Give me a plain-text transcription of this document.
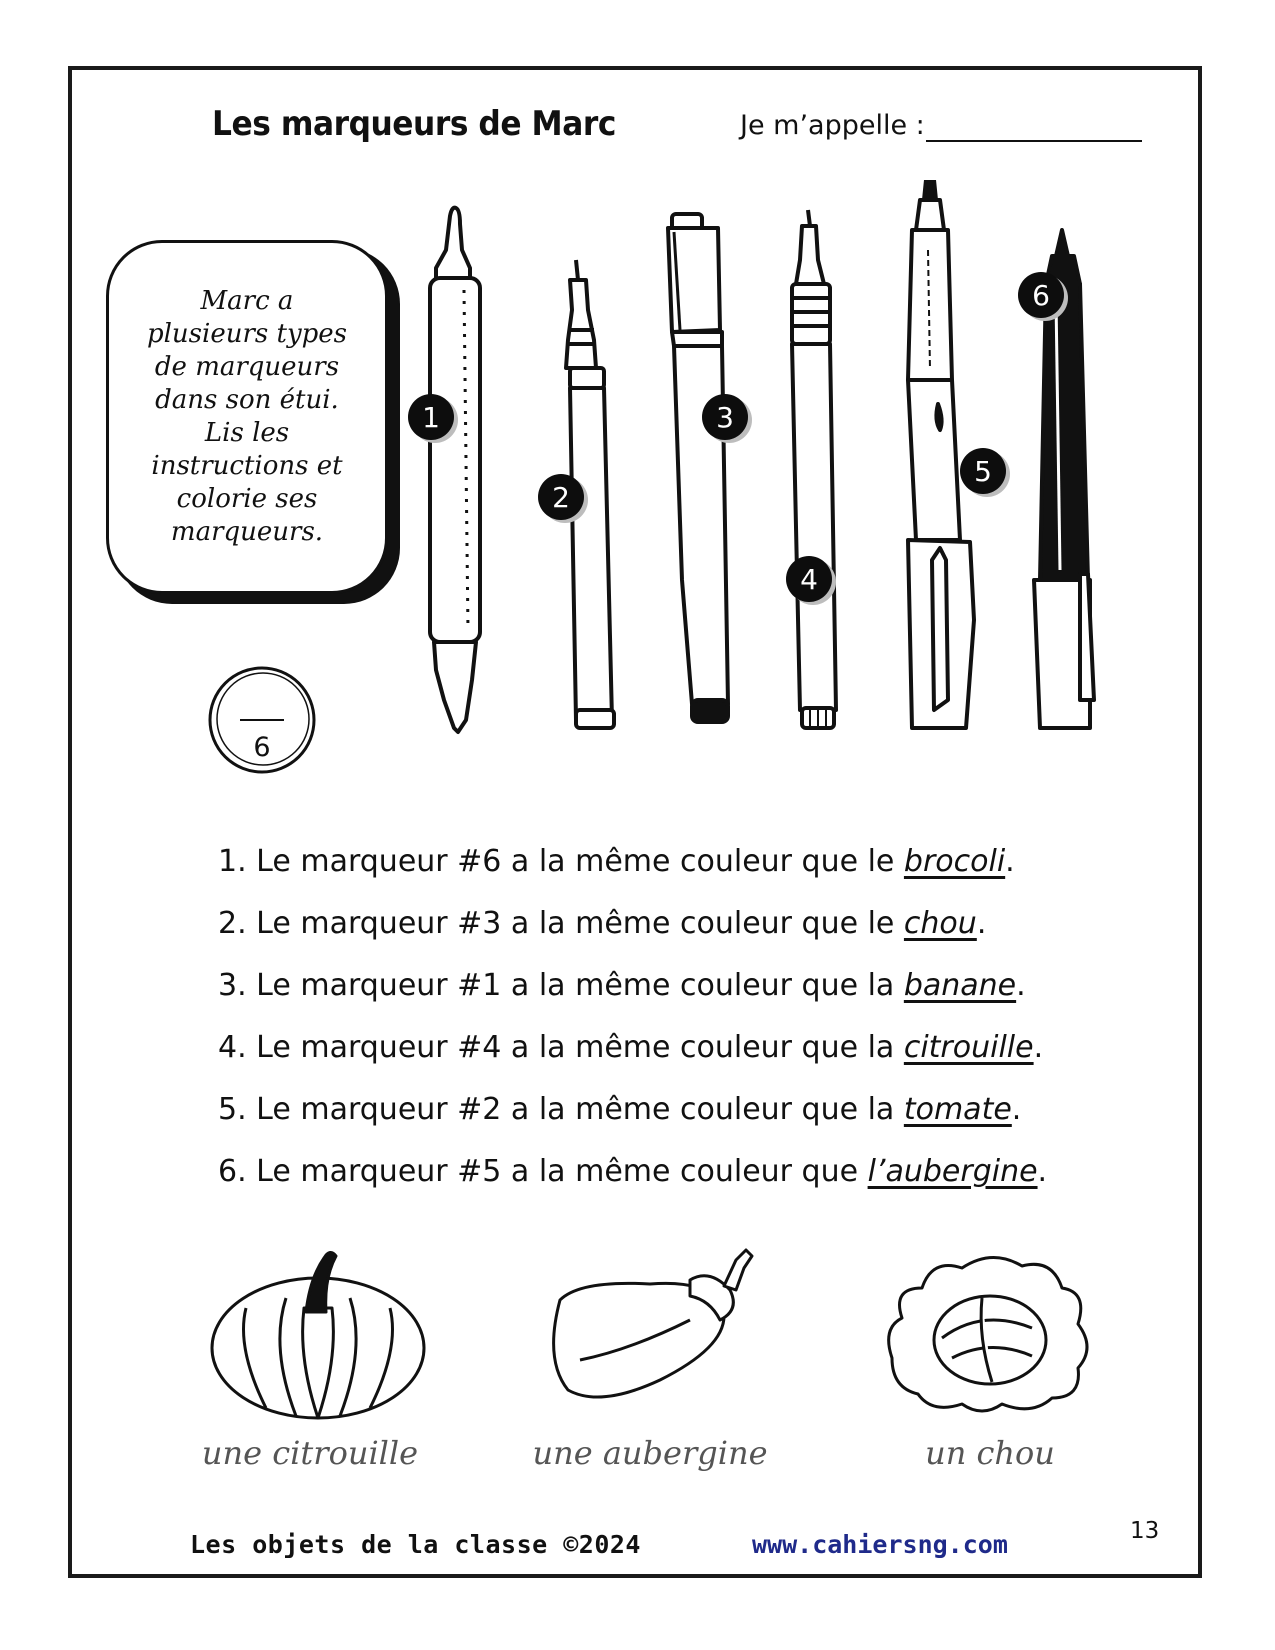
Les marqueurs de Marc	Je m’appelle :
Marc a plusieurs types de marqueurs dans son étui. Lis les instructions et colorie ses marqueurs.
6
1
2
3
4
5
6
1. Le marqueur #6 a la même couleur que le brocoli.
2. Le marqueur #3 a la même couleur que le chou.
3. Le marqueur #1 a la même couleur que la banane.
4. Le marqueur #4 a la même couleur que la citrouille.
5. Le marqueur #2 a la même couleur que la tomate.
6. Le marqueur #5 a la même couleur que l’aubergine.
une citrouille	une aubergine	un chou
Les objets de la classe ©2024	www.cahiersng.com	13
